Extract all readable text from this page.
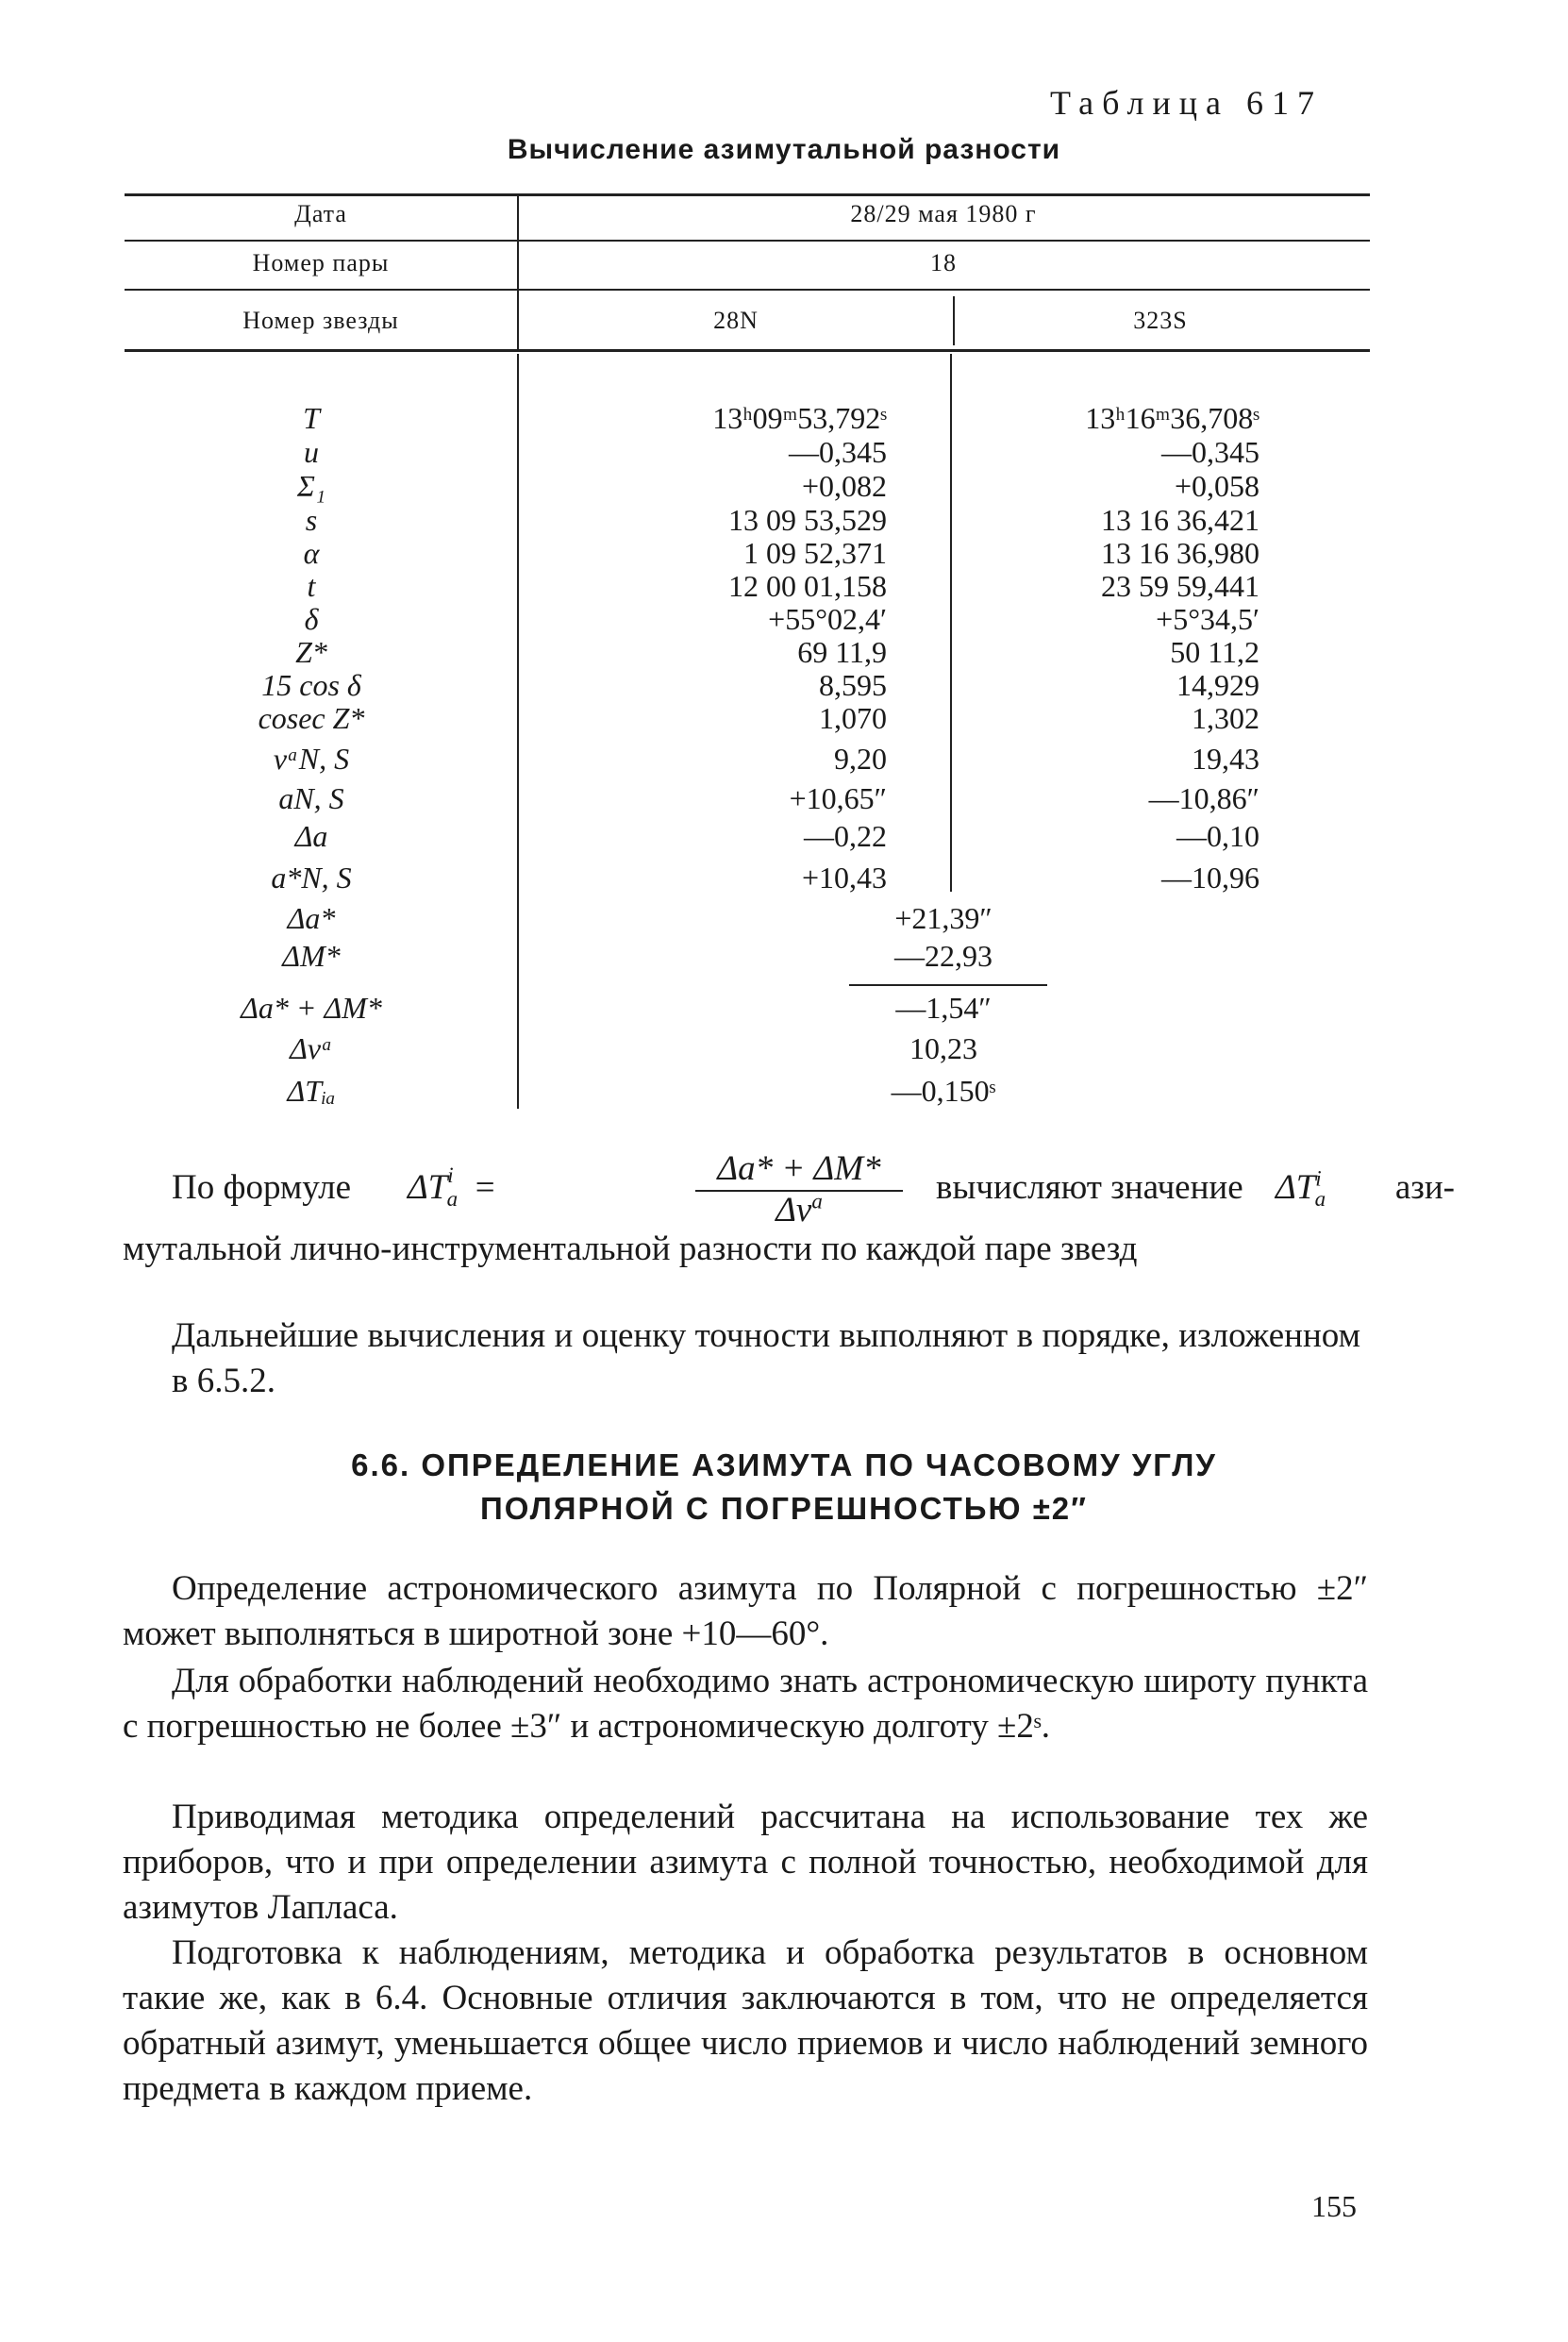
Таблица 617
Вычисление азимутальной разности
Дата	28/29 мая 1980 г
Номер пары	18
Номер звезды	28N	323S
T	13ʰ09ᵐ53,792ˢ	13ʰ16ᵐ36,708ˢ
u	—0,345	—0,345
Σ₁	+0,082	+0,058
s	13 09 53,529	13 16 36,421
α	1 09 52,371	13 16 36,980
t	12 00 01,158	23 59 59,441
δ	+55°02,4′	+5°34,5′
Z*	69 11,9	50 11,2
15 cos δ	8,595	14,929
cosec Z*	1,070	1,302
vᵃN, S	9,20	19,43
aN, S	+10,65″	—10,86″
Δa	—0,22	—0,10
a*N, S	+10,43	—10,96
Δa*	+21,39″
ΔM*	—22,93
Δa* + ΔM*	—1,54″
Δvᵃ	10,23
ΔTᵢₐ	—0,150ˢ
По формуле $\Delta T^i_a$ =	Δa* + ΔM*
$\Delta v^a$	вычисляют значение $\Delta T^i_a$	ази-
мутальной лично-инструментальной разности по каждой паре звезд
Дальнейшие вычисления и оценку точности выполняют в порядке, изложенном в 6.5.2.
6.6. ОПРЕДЕЛЕНИЕ АЗИМУТА ПО ЧАСОВОМУ УГЛУ
ПОЛЯРНОЙ С ПОГРЕШНОСТЬЮ ±2″
Определение астрономического азимута по Полярной с погрешностью ±2″ может выполняться в широтной зоне +10—60°.
Для обработки наблюдений необходимо знать астрономическую широту пункта с погрешностью не более ±3″ и астрономическую долготу ±2ˢ.
Приводимая методика определений рассчитана на использование тех же приборов, что и при определении азимута с полной точностью, необходимой для азимутов Лапласа.
Подготовка к наблюдениям, методика и обработка результатов в основном такие же, как в 6.4. Основные отличия заключаются в том, что не определяется обратный азимут, уменьшается общее число приемов и число наблюдений земного предмета в каждом приеме.
155
